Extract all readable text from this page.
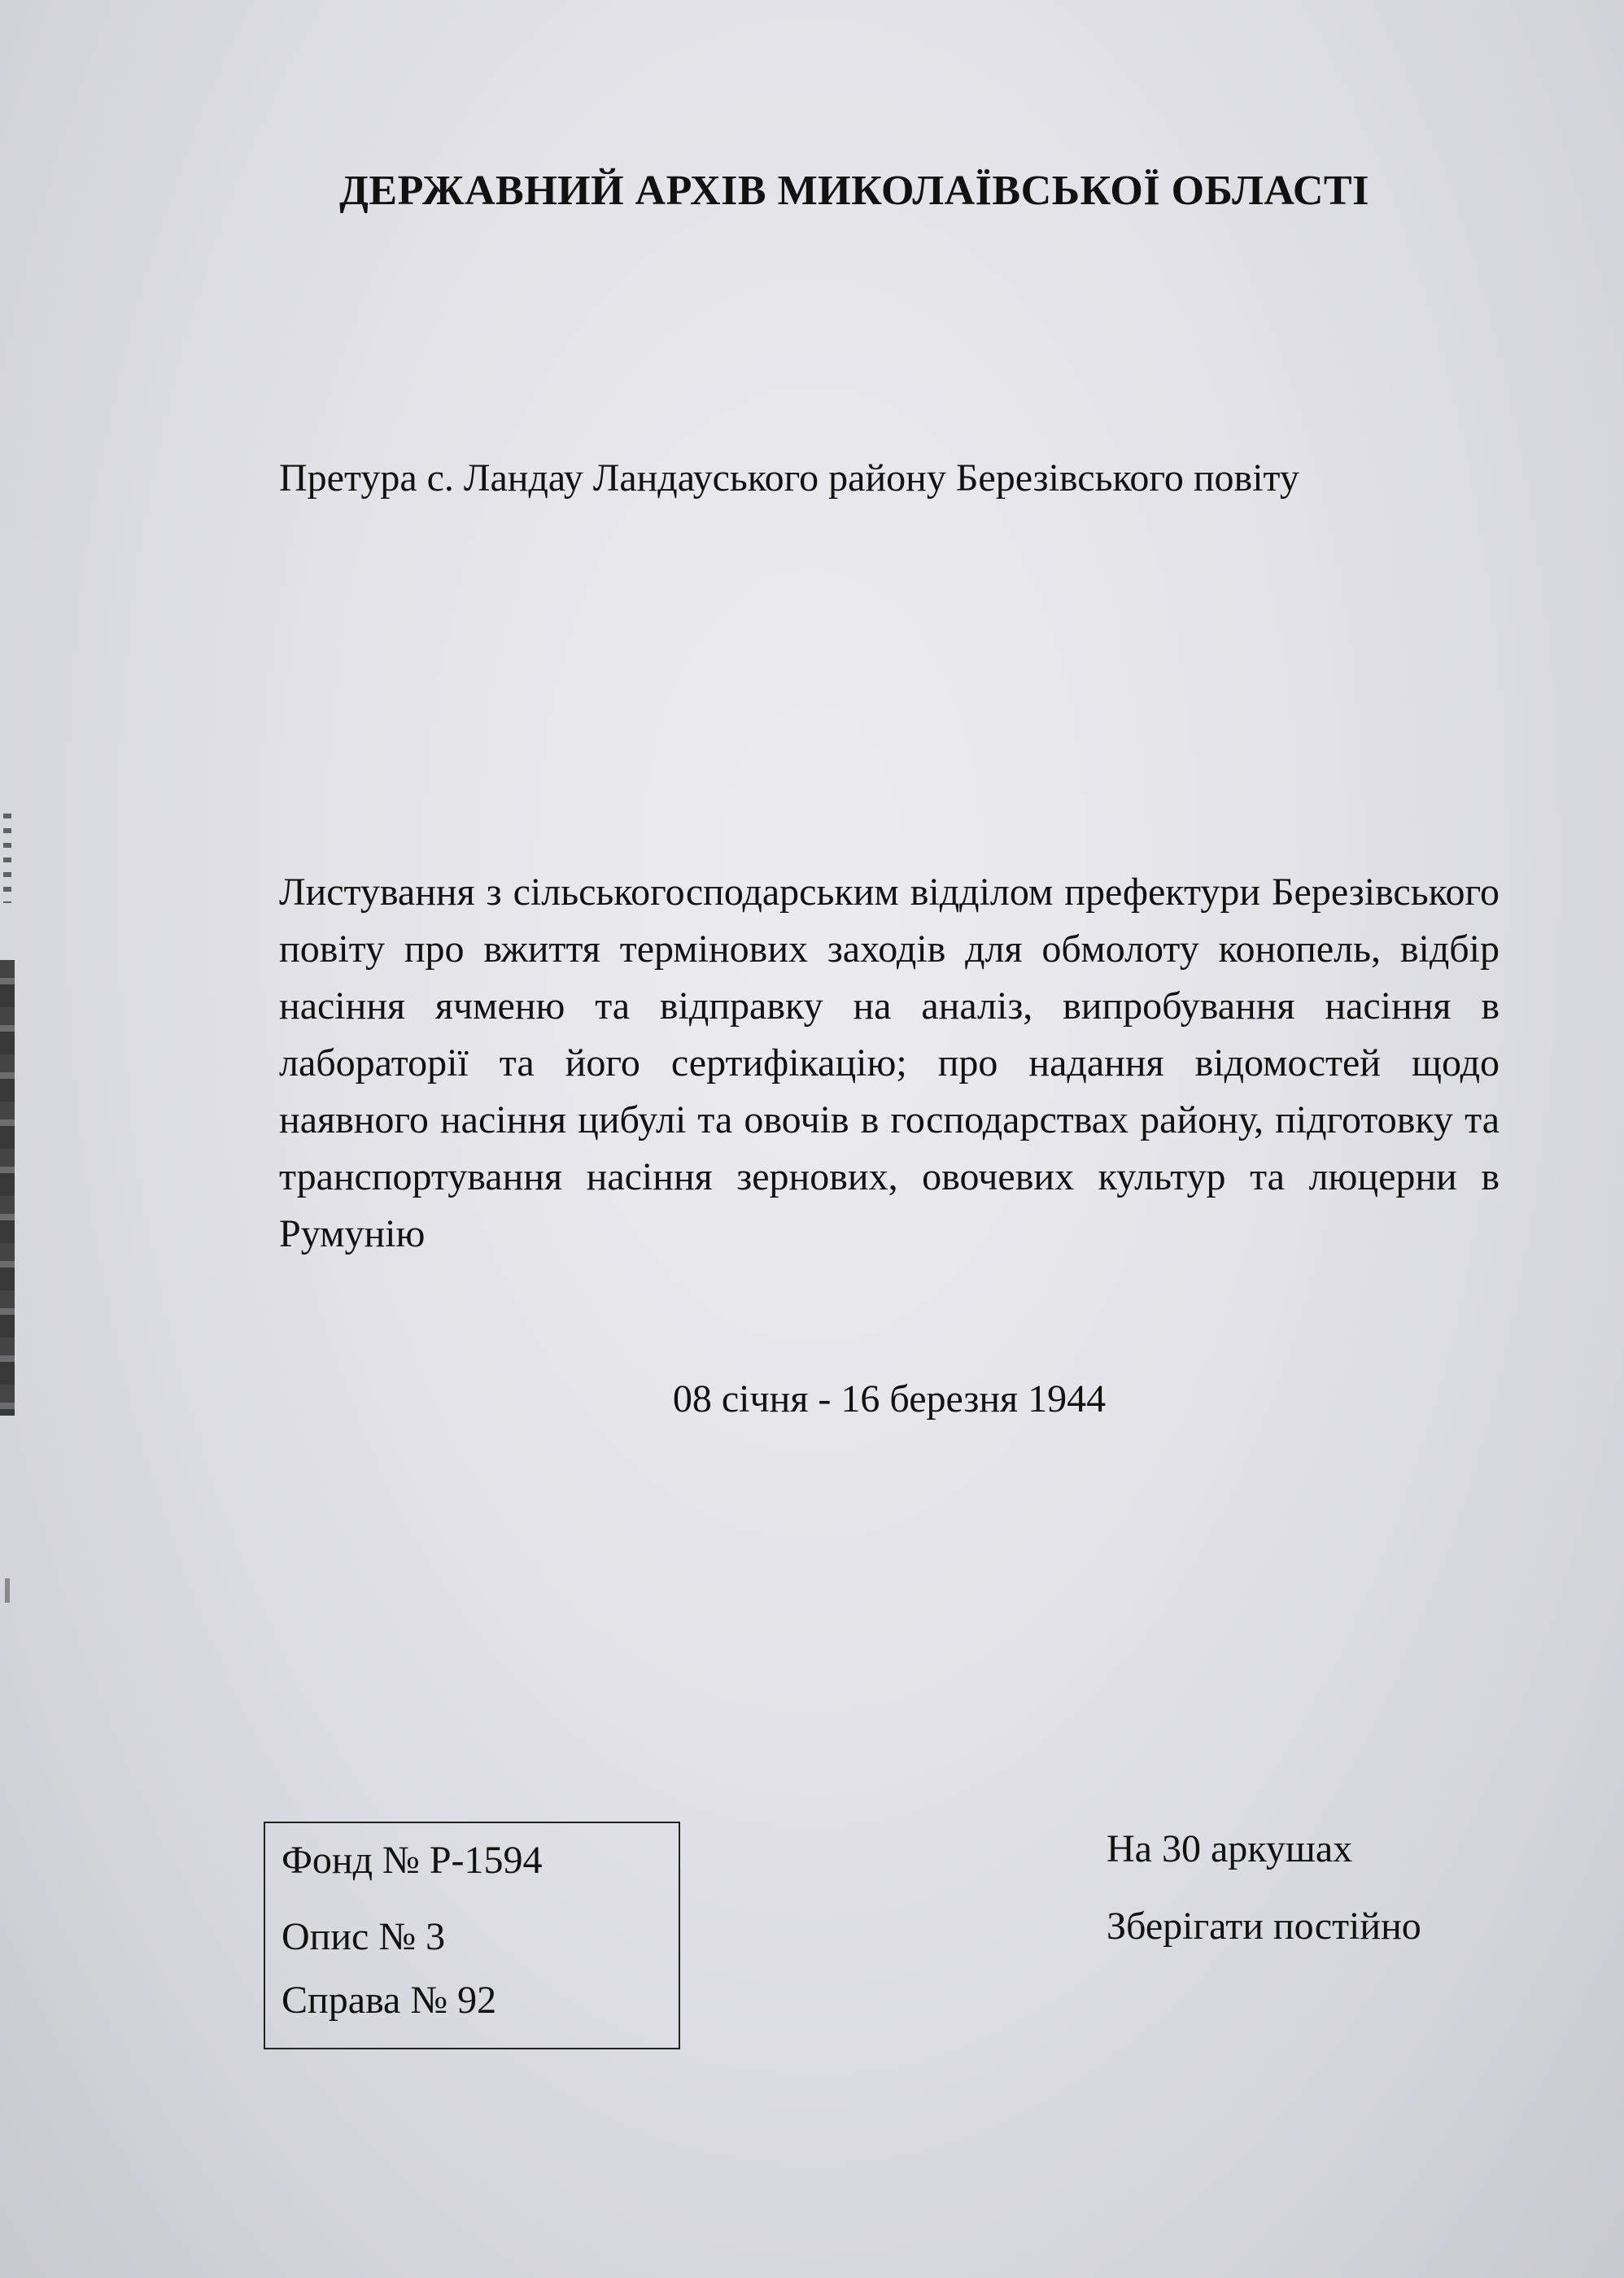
ДЕРЖАВНИЙ АРХІВ МИКОЛАЇВСЬКОЇ ОБЛАСТІ
Претура с. Ландау Ландауського району Березівського повіту
Листування з сільськогосподарським відділом префектури Березівського повіту про вжиття термінових заходів для обмолоту конопель, відбір насіння ячменю та відправку на аналіз, випробування насіння в лабораторії та його сертифікацію; про надання відомостей щодо наявного насіння цибулі та овочів в господарствах району, підготовку та транспортування насіння зернових, овочевих культур та люцерни в Румунію
08 січня - 16 березня 1944
Фонд № Р-1594
Опис № 3
Справа № 92
На 30 аркушах
Зберігати постійно
